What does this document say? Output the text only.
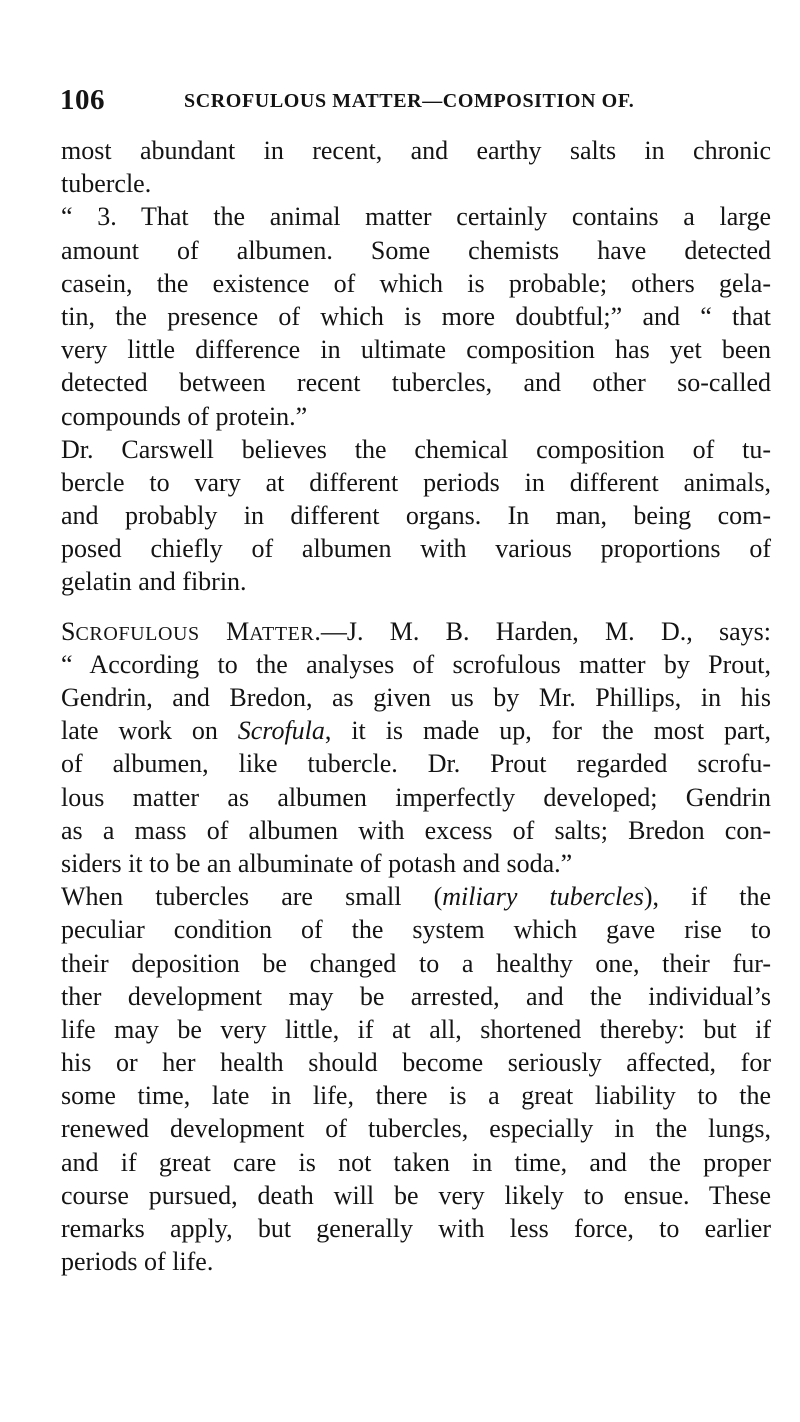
106	SCROFULOUS MATTER—COMPOSITION OF.
most abundant in recent, and earthy salts in chronic
tubercle.
“ 3. That the animal matter certainly contains a large
amount of albumen. Some chemists have detected
casein, the existence of which is probable; others gela-
tin, the presence of which is more doubtful;” and “ that
very little difference in ultimate composition has yet been
detected between recent tubercles, and other so-called
compounds of protein.”
Dr. Carswell believes the chemical composition of tu-
bercle to vary at different periods in different animals,
and probably in different organs. In man, being com-
posed chiefly of albumen with various proportions of
gelatin and fibrin.
SCROFULOUS MATTER.—J. M. B. Harden, M. D., says:
“ According to the analyses of scrofulous matter by Prout,
Gendrin, and Bredon, as given us by Mr. Phillips, in his
late work on Scrofula, it is made up, for the most part,
of albumen, like tubercle. Dr. Prout regarded scrofu-
lous matter as albumen imperfectly developed; Gendrin
as a mass of albumen with excess of salts; Bredon con-
siders it to be an albuminate of potash and soda.”
When tubercles are small (miliary tubercles), if the
peculiar condition of the system which gave rise to
their deposition be changed to a healthy one, their fur-
ther development may be arrested, and the individual’s
life may be very little, if at all, shortened thereby: but if
his or her health should become seriously affected, for
some time, late in life, there is a great liability to the
renewed development of tubercles, especially in the lungs,
and if great care is not taken in time, and the proper
course pursued, death will be very likely to ensue. These
remarks apply, but generally with less force, to earlier
periods of life.
